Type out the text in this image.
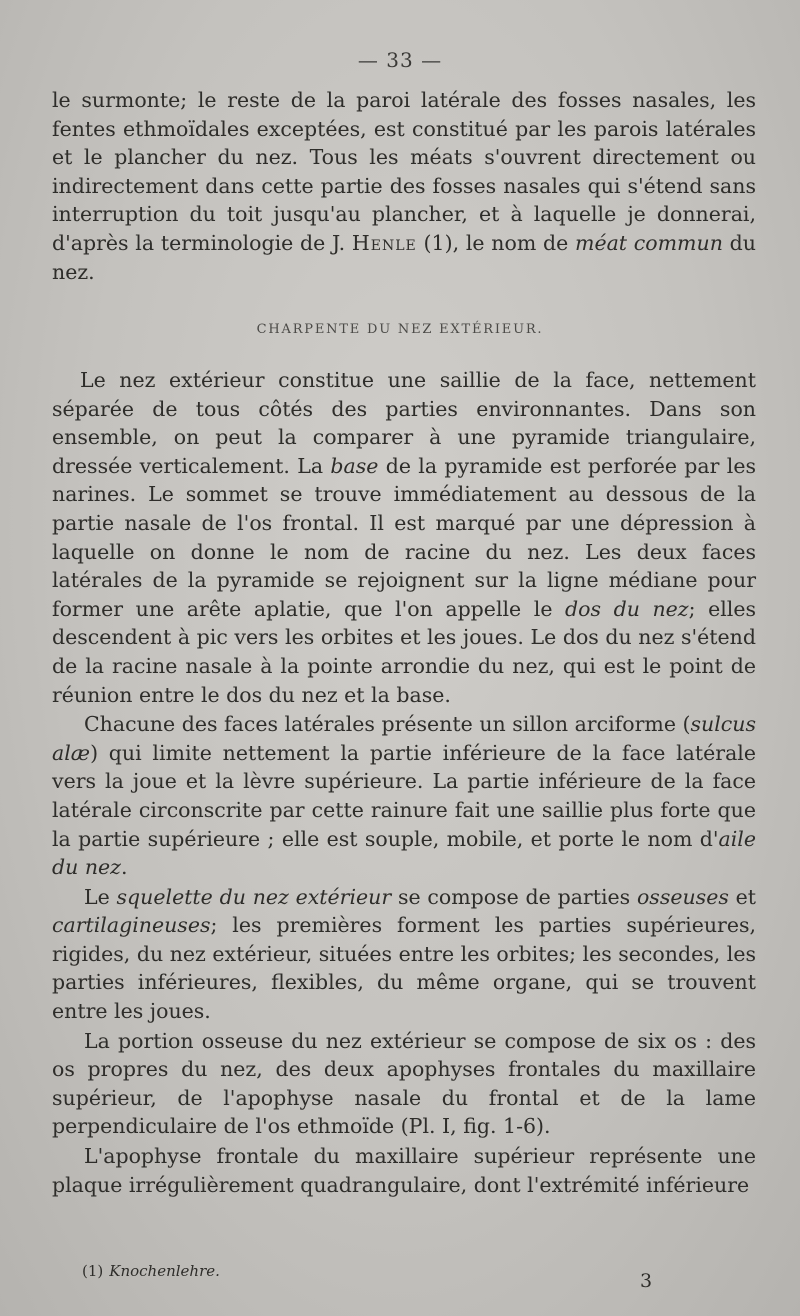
— 33 —

le surmonte; le reste de la paroi latérale des fosses nasales, les fentes ethmoïdales exceptées, est constitué par les parois latérales et le plancher du nez. Tous les méats s'ouvrent directement ou indirectement dans cette partie des fosses nasales qui s'étend sans interruption du toit jusqu'au plancher, et à laquelle je donnerai, d'après la terminologie de J. Henle (1), le nom de méat commun du nez.

CHARPENTE DU NEZ EXTÉRIEUR.

Le nez extérieur constitue une saillie de la face, nettement séparée de tous côtés des parties environnantes. Dans son ensemble, on peut la comparer à une pyramide triangulaire, dressée verticalement. La base de la pyramide est perforée par les narines. Le sommet se trouve immédiatement au dessous de la partie nasale de l'os frontal. Il est marqué par une dépression à laquelle on donne le nom de racine du nez. Les deux faces latérales de la pyramide se rejoignent sur la ligne médiane pour former une arête aplatie, que l'on appelle le dos du nez; elles descendent à pic vers les orbites et les joues. Le dos du nez s'étend de la racine nasale à la pointe arrondie du nez, qui est le point de réunion entre le dos du nez et la base.

Chacune des faces latérales présente un sillon arciforme (sulcus alæ) qui limite nettement la partie inférieure de la face latérale vers la joue et la lèvre supérieure. La partie inférieure de la face latérale circonscrite par cette rainure fait une saillie plus forte que la partie supérieure ; elle est souple, mobile, et porte le nom d'aile du nez.

Le squelette du nez extérieur se compose de parties osseuses et cartilagineuses; les premières forment les parties supérieures, rigides, du nez extérieur, situées entre les orbites; les secondes, les parties inférieures, flexibles, du même organe, qui se trouvent entre les joues.

La portion osseuse du nez extérieur se compose de six os : des os propres du nez, des deux apophyses frontales du maxillaire supérieur, de l'apophyse nasale du frontal et de la lame perpendiculaire de l'os ethmoïde (Pl. I, fig. 1-6).

L'apophyse frontale du maxillaire supérieur représente une plaque irrégulièrement quadrangulaire, dont l'extrémité inférieure

(1) Knochenlehre.	3
